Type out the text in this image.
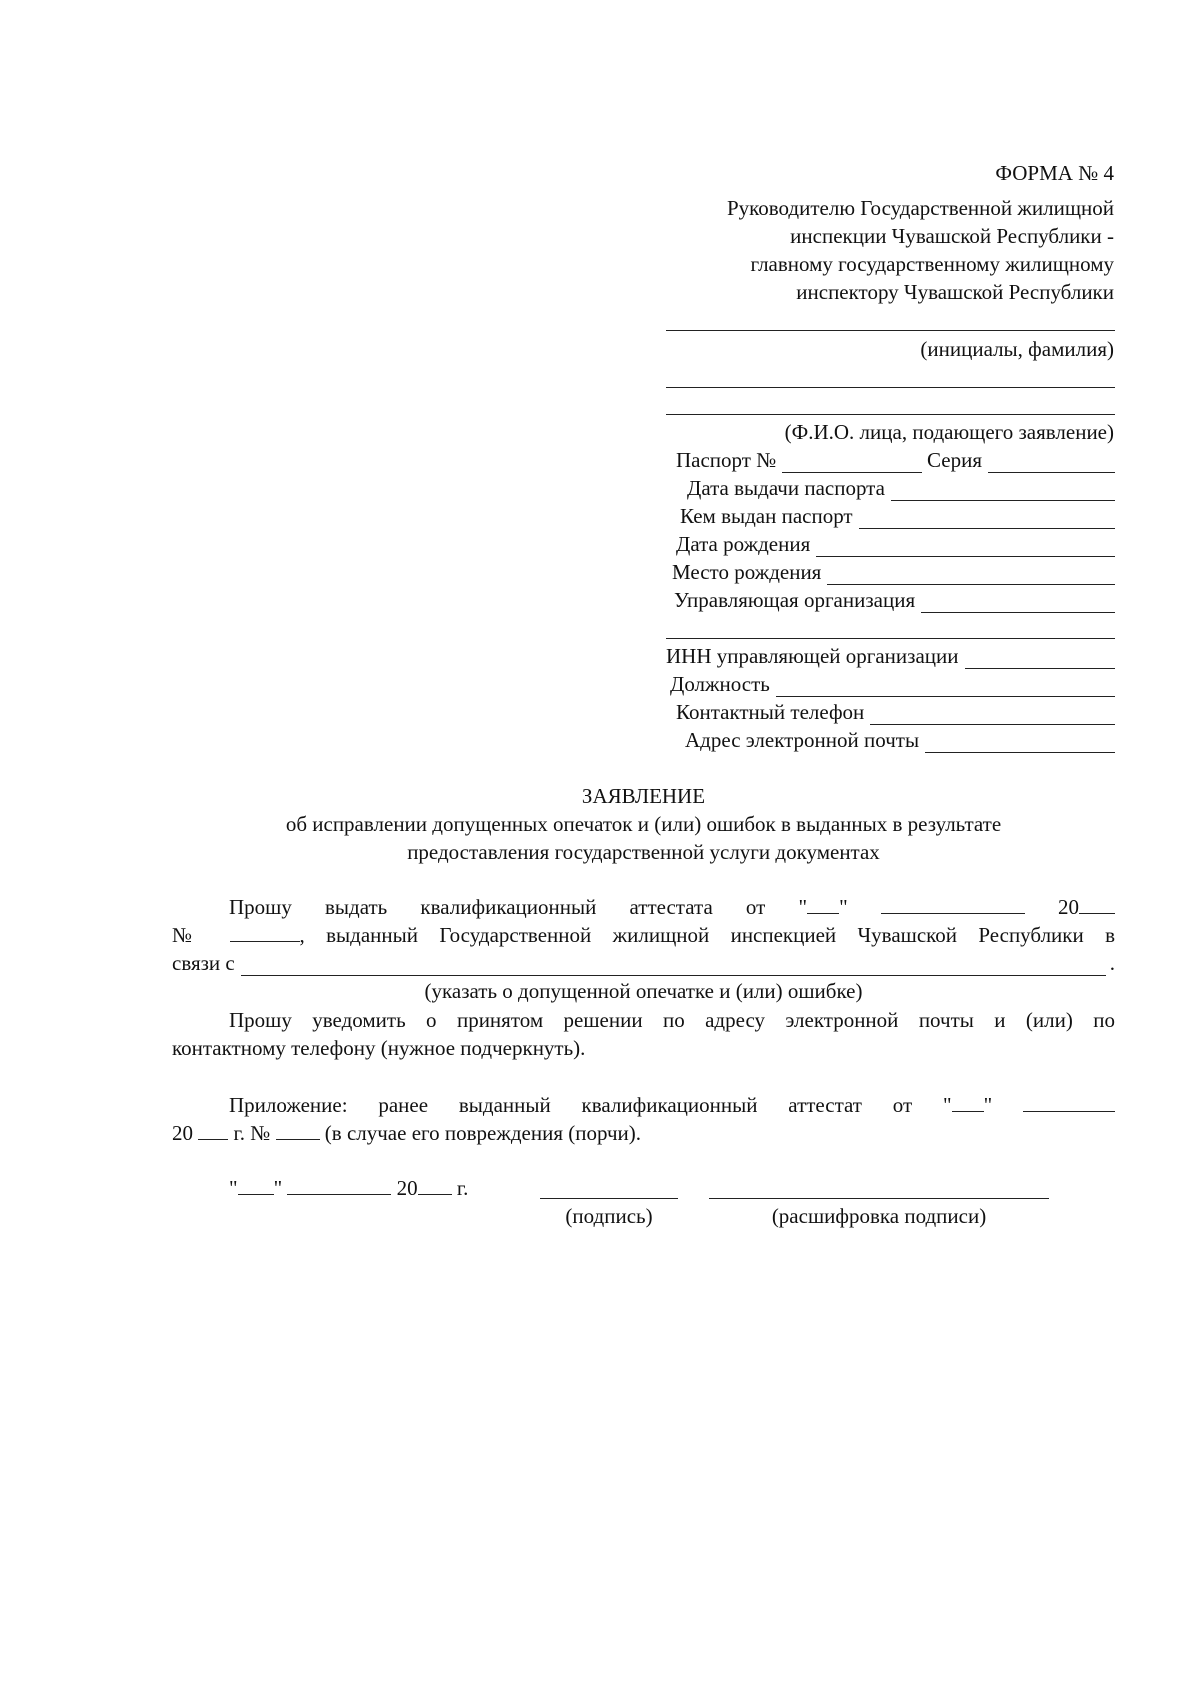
ФОРМА № 4
Руководителю Государственной жилищной
инспекции Чувашской Республики -
главному государственному жилищному
инспектору Чувашской Республики
(инициалы, фамилия)
(Ф.И.О. лица, подающего заявление)
Паспорт №	Серия
Дата выдачи паспорта
Кем выдан паспорт
Дата рождения
Место рождения
Управляющая организация
ИНН управляющей организации
Должность
Контактный телефон
Адрес электронной почты
ЗАЯВЛЕНИЕ
об исправлении допущенных опечаток и (или) ошибок в выданных в результате
предоставления государственной услуги документах
Прошу выдать квалификационный аттестата от " "	20
№	, выданный Государственной жилищной инспекцией Чувашской Республики в
связи с	.
(указать о допущенной опечатке и (или) ошибке)
Прошу уведомить о принятом решении по адресу электронной почты и (или) по
контактному телефону (нужное подчеркнуть).
Приложение: ранее выданный квалификационный аттестат от " "
20 г. №	(в случае его повреждения (порчи).
" "	20 г.
(подпись)	(расшифровка подписи)
